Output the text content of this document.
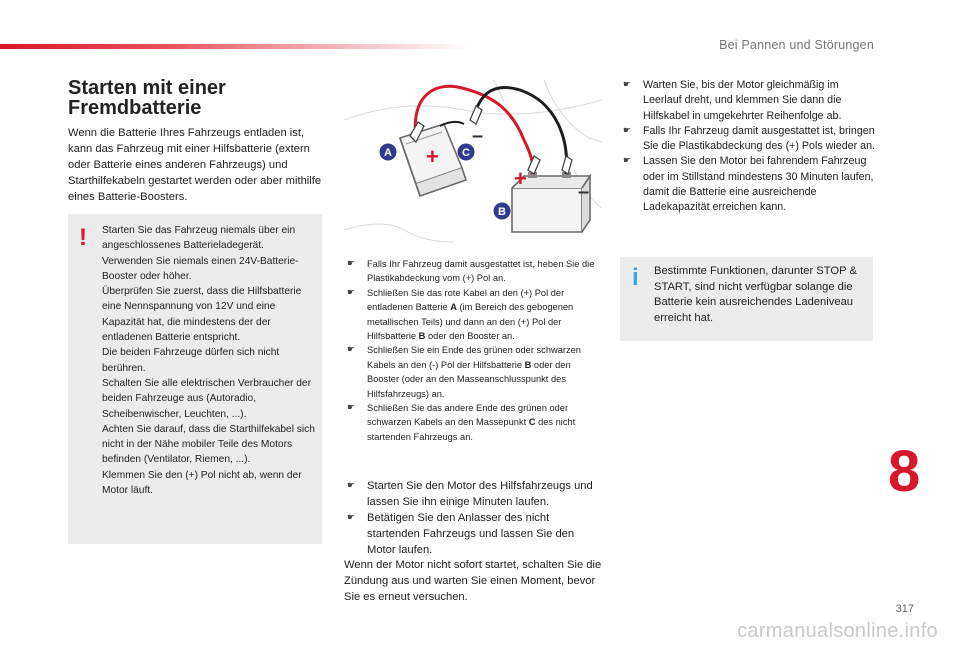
Bei Pannen und Störungen
Starten mit einer
Fremdbatterie

Wenn die Batterie Ihres Fahrzeugs entladen ist, kann das Fahrzeug mit einer Hilfsbatterie (extern oder Batterie eines anderen Fahrzeugs) und Starthilfekabeln gestartet werden oder aber mithilfe eines Batterie-Boosters.

! Starten Sie das Fahrzeug niemals über ein angeschlossenes Batterieladegerät.
Verwenden Sie niemals einen 24V-Batterie-Booster oder höher.
Überprüfen Sie zuerst, dass die Hilfsbatterie eine Nennspannung von 12V und eine Kapazität hat, die mindestens der der entladenen Batterie entspricht.
Die beiden Fahrzeuge dürfen sich nicht berühren.
Schalten Sie alle elektrischen Verbraucher der beiden Fahrzeuge aus (Autoradio, Scheibenwischer, Leuchten, ...).
Achten Sie darauf, dass die Starthilfekabel sich nicht in der Nähe mobiler Teile des Motors befinden (Ventilator, Riemen, ...).
Klemmen Sie den (+) Pol nicht ab, wenn der Motor läuft.
+
+
–
–
A	C
B
☛ Falls Ihr Fahrzeug damit ausgestattet ist, heben Sie die Plastikabdeckung vom (+) Pol an.
☛ Schließen Sie das rote Kabel an den (+) Pol der entladenen Batterie A (im Bereich des gebogenen metallischen Teils) und dann an den (+) Pol der Hilfsbatterie B oder den Booster an.
☛ Schließen Sie ein Ende des grünen oder schwarzen Kabels an den (-) Pol der Hilfsbatterie B oder den Booster (oder an den Masseanschlusspunkt des Hilfsfahrzeugs) an.
☛ Schließen Sie das andere Ende des grünen oder schwarzen Kabels an den Massepunkt C des nicht startenden Fahrzeugs an.
☛ Starten Sie den Motor des Hilfsfahrzeugs und lassen Sie ihn einige Minuten laufen.
☛ Betätigen Sie den Anlasser des nicht startenden Fahrzeugs und lassen Sie den Motor laufen.

Wenn der Motor nicht sofort startet, schalten Sie die Zündung aus und warten Sie einen Moment, bevor Sie es erneut versuchen.

☛ Warten Sie, bis der Motor gleichmäßig im Leerlauf dreht, und klemmen Sie dann die Hilfskabel in umgekehrter Reihenfolge ab.
☛ Falls Ihr Fahrzeug damit ausgestattet ist, bringen Sie die Plastikabdeckung des (+) Pols wieder an.
☛ Lassen Sie den Motor bei fahrendem Fahrzeug oder im Stillstand mindestens 30 Minuten laufen, damit die Batterie eine ausreichende Ladekapazität erreichen kann.
i Bestimmte Funktionen, darunter STOP & START, sind nicht verfügbar solange die Batterie kein ausreichendes Ladeniveau erreicht hat.

8
317
carmanualsonline.info
